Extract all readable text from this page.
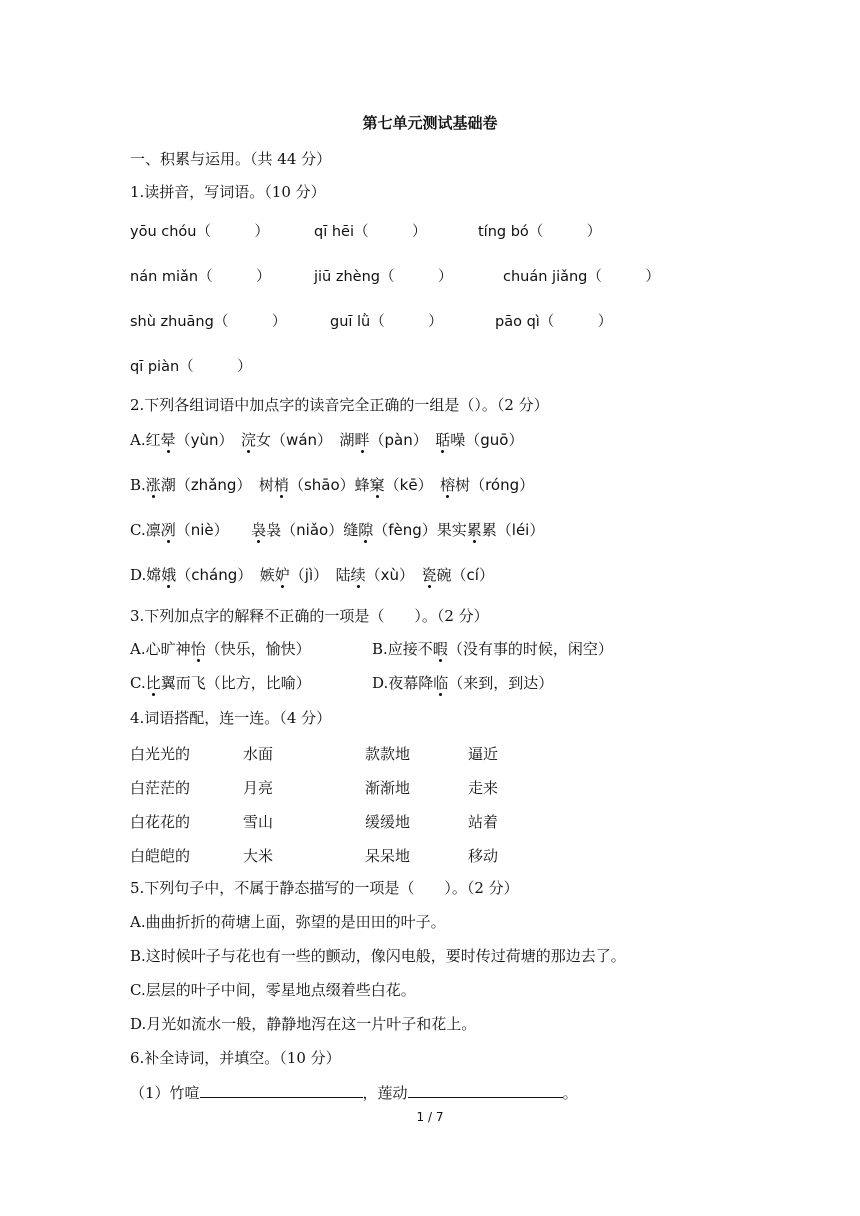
第七单元测试基础卷
一、积累与运用。（共 44 分）
1.读拼音，写词语。（10 分）
yōu chóu（　　　）	qī hēi（　　　）	tíng bó（　　　）
nán miǎn（　　　）	jiū zhèng（　　　）	chuán jiǎng（　　　）
shù zhuāng（　　　）	guī lǜ（　　　）	pāo qì（　　　）
qī piàn（　　　）
2.下列各组词语中加点字的读音完全正确的一组是（）。（2 分）
A.红晕（yùn）　浣女（wán）　湖畔（pàn）　聒噪（guō）
B.涨潮（zhǎng）　树梢（shāo）蜂窠（kē）　榕树（róng）
C.凛冽（niè）　　袅袅（niǎo）缝隙（fèng）果实累累（léi）
D.嫦娥（cháng）　嫉妒（jì）　陆续（xù）　瓷碗（cí）
3.下列加点字的解释不正确的一项是（　　）。（2 分）
A.心旷神怡（快乐，愉快）	B.应接不暇（没有事的时候，闲空）
C.比翼而飞（比方，比喻）	D.夜幕降临（来到，到达）
4.词语搭配，连一连。（4 分）
白光光的	水面	款款地	逼近
白茫茫的	月亮	渐渐地	走来
白花花的	雪山	缓缓地	站着
白皑皑的	大米	呆呆地	移动
5.下列句子中，不属于静态描写的一项是（　　）。（2 分）
A.曲曲折折的荷塘上面，弥望的是田田的叶子。
B.这时候叶子与花也有一些的颤动，像闪电般，要时传过荷塘的那边去了。
C.层层的叶子中间，零星地点缀着些白花。
D.月光如流水一般，静静地泻在这一片叶子和花上。
6.补全诗词，并填空。（10 分）
（1）竹喧	，莲动	。
1 / 7
